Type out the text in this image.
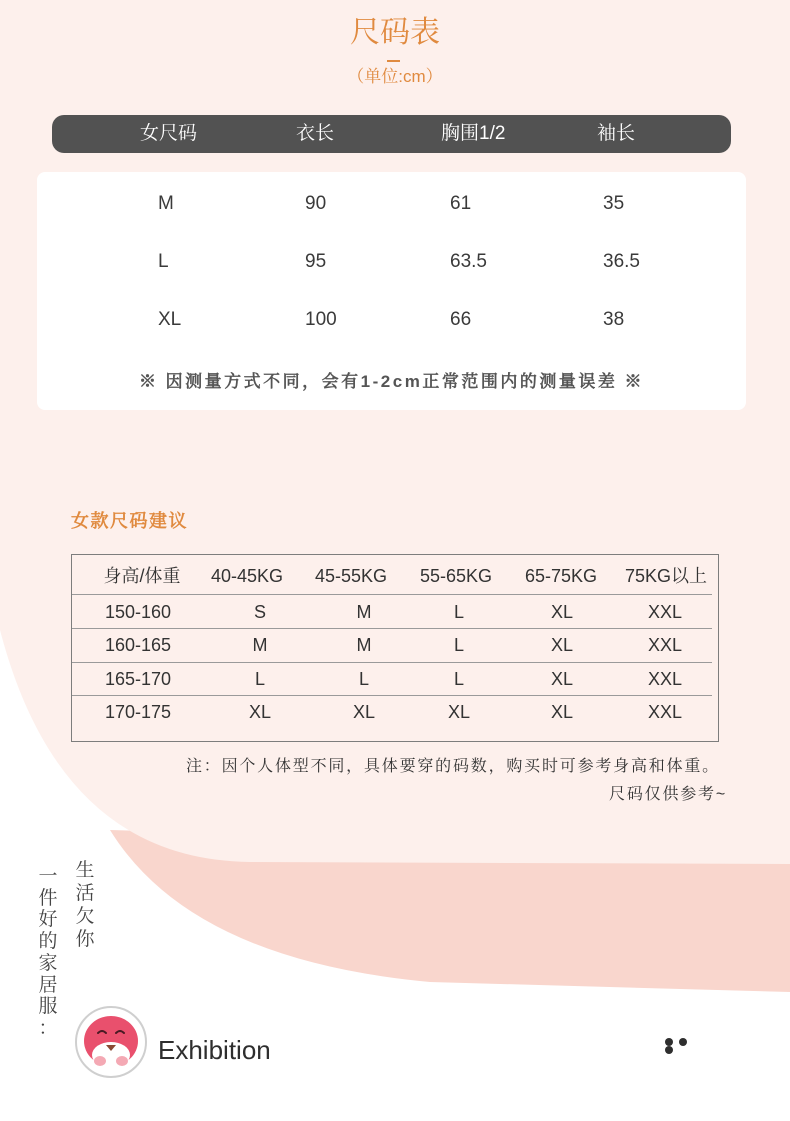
尺码表
（单位:cm）
女尺码	衣长	胸围1/2	袖长
M	90	61	35
L	95	63.5	36.5
XL	100	66	38
※ 因测量方式不同，会有1-2cm正常范围内的测量误差 ※
女款尺码建议
身高/体重	40-45KG	45-55KG	55-65KG	65-75KG	75KG以上
150-160	S	M	L	XL	XXL
160-165	M	M	L	XL	XXL
165-170	L	L	L	XL	XXL
170-175	XL	XL	XL	XL	XXL
注：因个人体型不同，具体要穿的码数，购买时可参考身高和体重。
尺码仅供参考~
生活欠你
一件好的家居服：
Exhibition
